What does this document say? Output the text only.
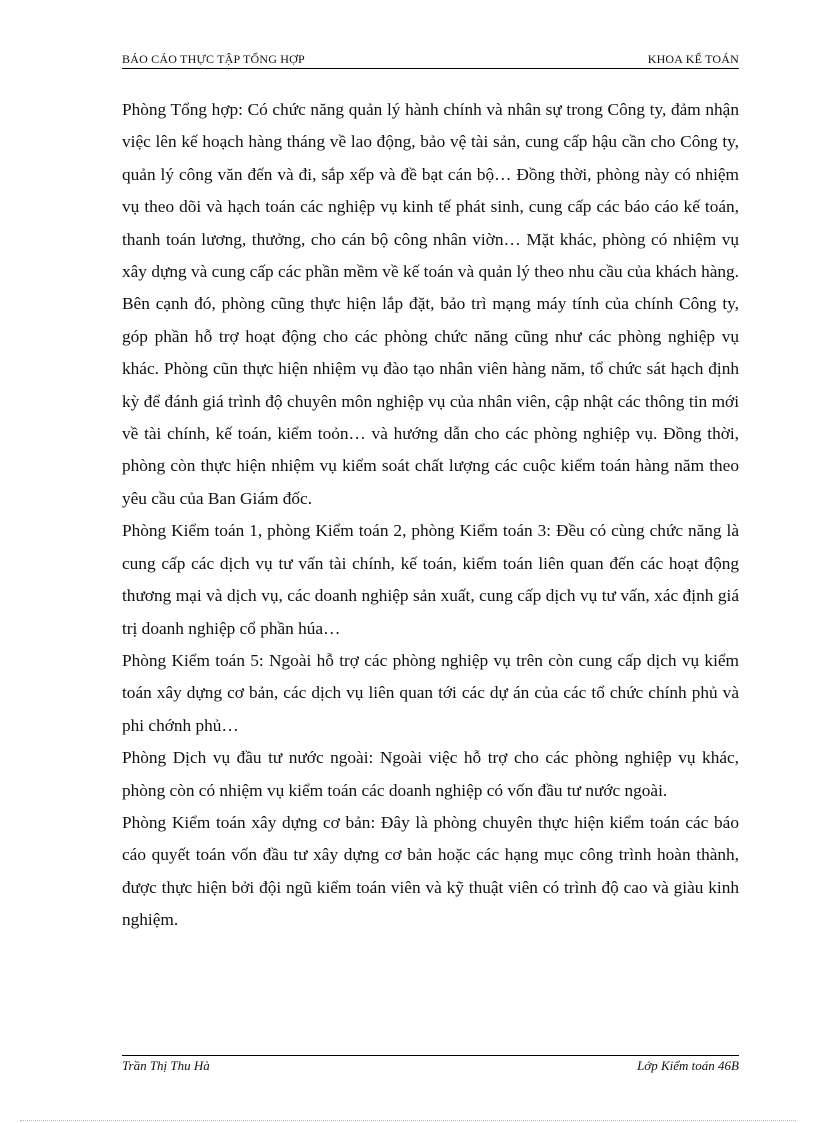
BÁO CÁO THỰC TẬP TỔNG HỢP	KHOA KẾ TOÁN

Phòng Tổng hợp: Có chức năng quản lý hành chính và nhân sự trong Công ty, đảm nhận việc lên kế hoạch hàng tháng về lao động, bảo vệ tài sản, cung cấp hậu cần cho Công ty, quản lý công văn đến và đi, sắp xếp và đề bạt cán bộ… Đồng thời, phòng này có nhiệm vụ theo dõi và hạch toán các nghiệp vụ kinh tế phát sinh, cung cấp các báo cáo kế toán, thanh toán lương, thưởng, cho cán bộ công nhân viờn… Mặt khác, phòng có nhiệm vụ xây dựng và cung cấp các phần mềm về kế toán và quản lý theo nhu cầu của khách hàng. Bên cạnh đó, phòng cũng thực hiện lắp đặt, bảo trì mạng máy tính của chính Công ty, góp phần hỗ trợ hoạt động cho các phòng chức năng cũng như các phòng nghiệp vụ khác. Phòng cũn thực hiện nhiệm vụ đào tạo nhân viên hàng năm, tổ chức sát hạch định kỳ để đánh giá trình độ chuyên môn nghiệp vụ của nhân viên, cập nhật các thông tin mới về tài chính, kế toán, kiểm toỏn… và hướng dẫn cho các phòng nghiệp vụ. Đồng thời, phòng còn thực hiện nhiệm vụ kiểm soát chất lượng các cuộc kiểm toán hàng năm theo yêu cầu của Ban Giám đốc.

Phòng Kiểm toán 1, phòng Kiểm toán 2, phòng Kiểm toán 3: Đều có cùng chức năng là cung cấp các dịch vụ tư vấn tài chính, kế toán, kiểm toán liên quan đến các hoạt động thương mại và dịch vụ, các doanh nghiệp sản xuất, cung cấp dịch vụ tư vấn, xác định giá trị doanh nghiệp cổ phần húa…

Phòng Kiểm toán 5: Ngoài hỗ trợ các phòng nghiệp vụ trên còn cung cấp dịch vụ kiểm toán xây dựng cơ bản, các dịch vụ liên quan tới các dự án của các tổ chức chính phủ và phi chớnh phủ…

Phòng Dịch vụ đầu tư nước ngoài: Ngoài việc hỗ trợ cho các phòng nghiệp vụ khác, phòng còn có nhiệm vụ kiểm toán các doanh nghiệp có vốn đầu tư nước ngoài.

Phòng Kiểm toán xây dựng cơ bản: Đây là phòng chuyên thực hiện kiểm toán các báo cáo quyết toán vốn đầu tư xây dựng cơ bản hoặc các hạng mục công trình hoàn thành, được thực hiện bởi đội ngũ kiểm toán viên và kỹ thuật viên có trình độ cao và giàu kinh nghiệm.

Trần Thị Thu Hà	Lớp Kiểm toán 46B
